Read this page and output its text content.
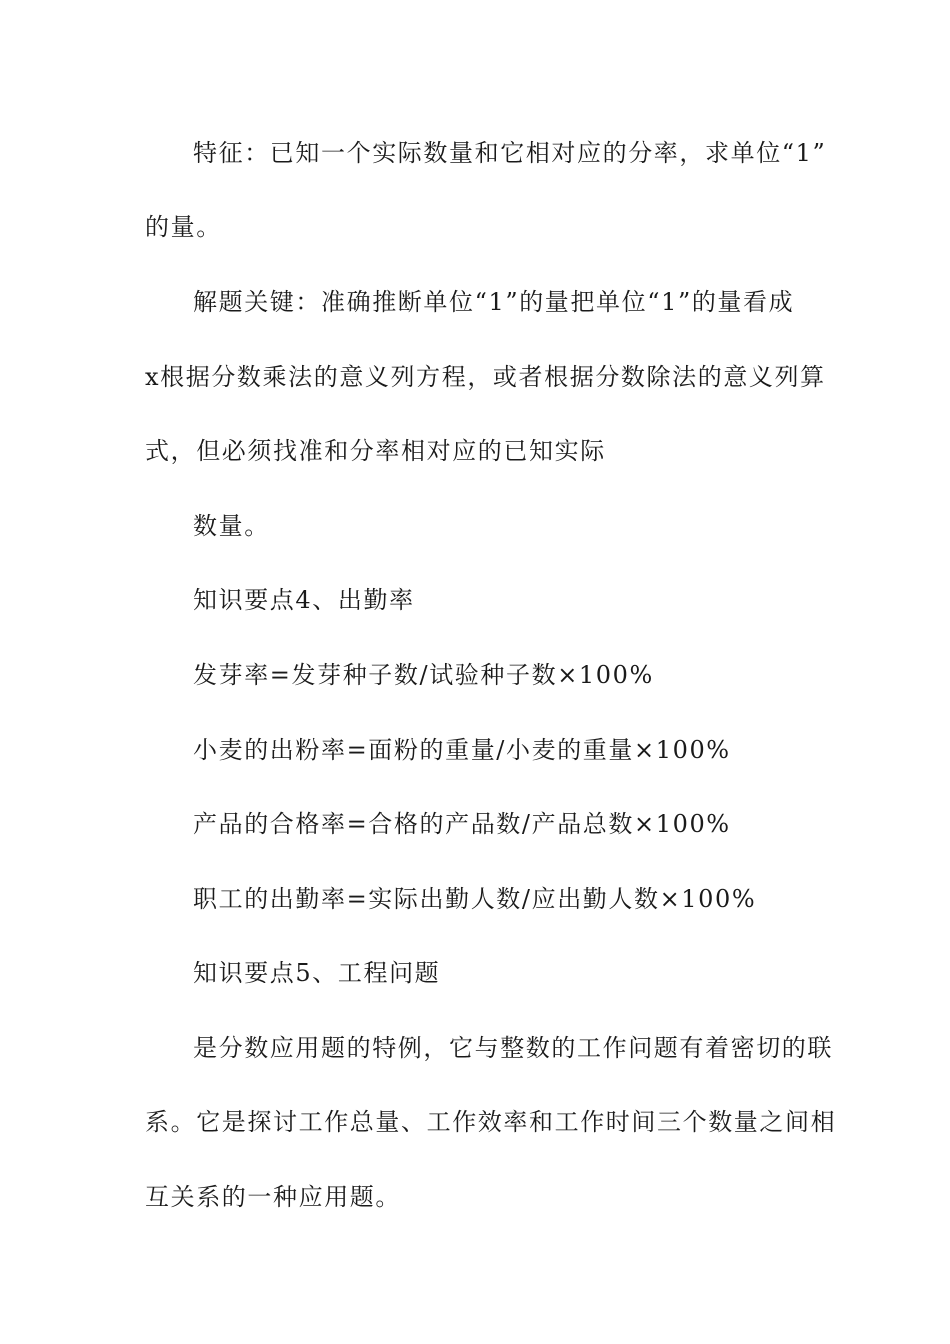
特征：已知一个实际数量和它相对应的分率，求单位“1”
的量。
解题关键：准确推断单位“1”的量把单位“1”的量看成
x根据分数乘法的意义列方程，或者根据分数除法的意义列算
式，但必须找准和分率相对应的已知实际
数量。
知识要点4、出勤率
发芽率=发芽种子数/试验种子数×100%
小麦的出粉率=面粉的重量/小麦的重量×100%
产品的合格率=合格的产品数/产品总数×100%
职工的出勤率=实际出勤人数/应出勤人数×100%
知识要点5、工程问题
是分数应用题的特例，它与整数的工作问题有着密切的联
系。它是探讨工作总量、工作效率和工作时间三个数量之间相
互关系的一种应用题。
